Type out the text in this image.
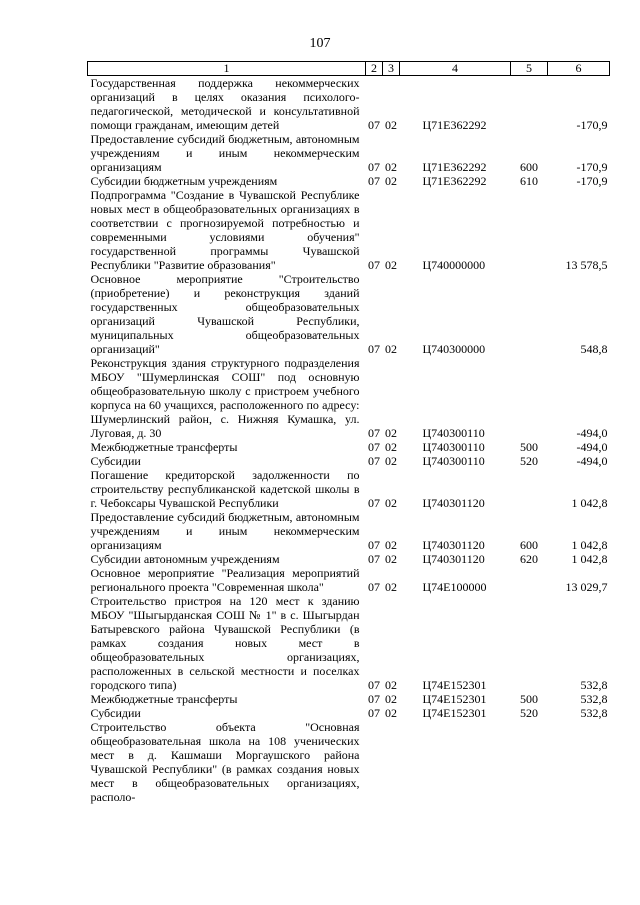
107
1	2	3	4	5	6
Государственная поддержка некоммерческих организаций в целях оказания психолого-педагогической, методической и консультативной помощи гражданам, имеющим детей	07	02	Ц71Е362292		-170,9
Предоставление субсидий бюджетным, автономным учреждениям и иным некоммерческим организациям	07	02	Ц71Е362292	600	-170,9
Субсидии бюджетным учреждениям	07	02	Ц71Е362292	610	-170,9
Подпрограмма "Создание в Чувашской Республике новых мест в общеобразовательных организациях в соответствии с прогнозируемой потребностью и современными условиями обучения" государственной программы Чувашской Республики "Развитие образования"	07	02	Ц740000000		13 578,5
Основное мероприятие "Строительство (приобретение) и реконструкция зданий государственных общеобразовательных организаций Чувашской Республики, муниципальных общеобразовательных организаций"	07	02	Ц740300000		548,8
Реконструкция здания структурного подразделения МБОУ "Шумерлинская СОШ" под основную общеобразовательную школу с пристроем учебного корпуса на 60 учащихся, расположенного по адресу: Шумерлинский район, с. Нижняя Кумашка, ул. Луговая, д. 30	07	02	Ц740300110		-494,0
Межбюджетные трансферты	07	02	Ц740300110	500	-494,0
Субсидии	07	02	Ц740300110	520	-494,0
Погашение кредиторской задолженности по строительству республиканской кадетской школы в г. Чебоксары Чувашской Республики	07	02	Ц740301120		1 042,8
Предоставление субсидий бюджетным, автономным учреждениям и иным некоммерческим организациям	07	02	Ц740301120	600	1 042,8
Субсидии автономным учреждениям	07	02	Ц740301120	620	1 042,8
Основное мероприятие "Реализация мероприятий регионального проекта "Современная школа"	07	02	Ц74Е100000		13 029,7
Строительство пристроя на 120 мест к зданию МБОУ "Шыгырданская СОШ № 1" в с. Шыгырдан Батыревского района Чувашской Республики (в рамках создания новых мест в общеобразовательных организациях, расположенных в сельской местности и поселках городского типа)	07	02	Ц74Е152301		532,8
Межбюджетные трансферты	07	02	Ц74Е152301	500	532,8
Субсидии	07	02	Ц74Е152301	520	532,8
Строительство объекта "Основная общеобразовательная школа на 108 ученических мест в д. Кашмаши Моргаушского района Чувашской Республики" (в рамках создания новых мест в общеобразовательных организациях, располо-					
